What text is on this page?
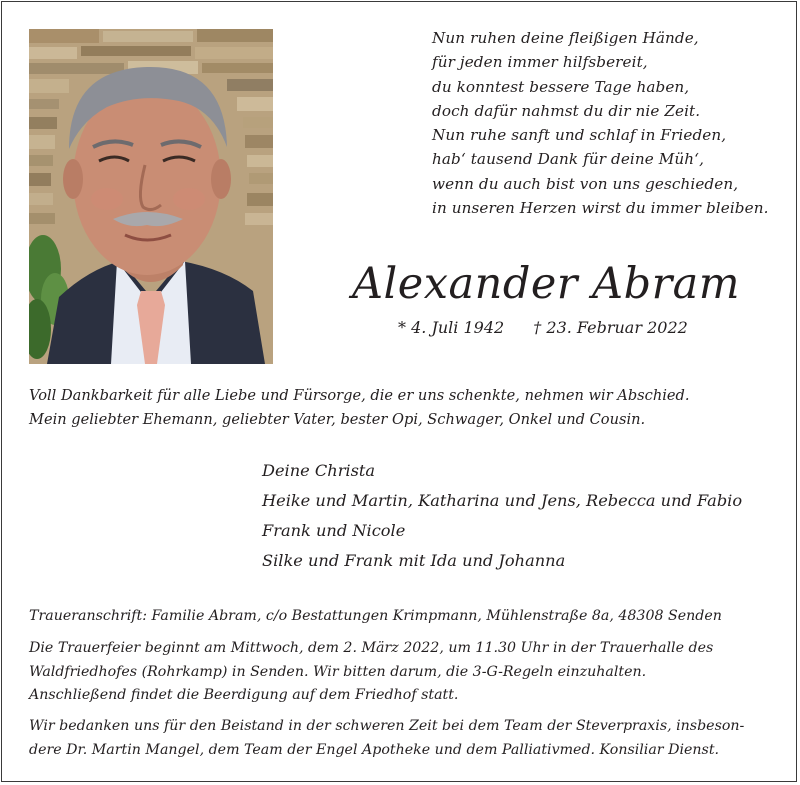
Nun ruhen deine fleißigen Hände,
für jeden immer hilfsbereit,
du konntest bessere Tage haben,
doch dafür nahmst du dir nie Zeit.
Nun ruhe sanft und schlaf in Frieden,
hab‘ tausend Dank für deine Müh‘,
wenn du auch bist von uns geschieden,
in unseren Herzen wirst du immer bleiben.
Alexander Abram
* 4. Juli 1942 † 23. Februar 2022

Voll Dankbarkeit für alle Liebe und Fürsorge, die er uns schenkte, nehmen wir Abschied.

Mein geliebter Ehemann, geliebter Vater, bester Opi, Schwager, Onkel und Cousin.

Deine Christa
Heike und Martin, Katharina und Jens, Rebecca und Fabio
Frank und Nicole
Silke und Frank mit Ida und Johanna

Traueranschrift: Familie Abram, c/o Bestattungen Krimpmann, Mühlenstraße 8a, 48308 Senden

Die Trauerfeier beginnt am Mittwoch, dem 2. März 2022, um 11.30 Uhr in der Trauerhalle des
Waldfriedhofes (Rohrkamp) in Senden. Wir bitten darum, die 3-G-Regeln einzuhalten.
Anschließend findet die Beerdigung auf dem Friedhof statt.

Wir bedanken uns für den Beistand in der schweren Zeit bei dem Team der Steverpraxis, insbeson-
dere Dr. Martin Mangel, dem Team der Engel Apotheke und dem Palliativmed. Konsiliar Dienst.
